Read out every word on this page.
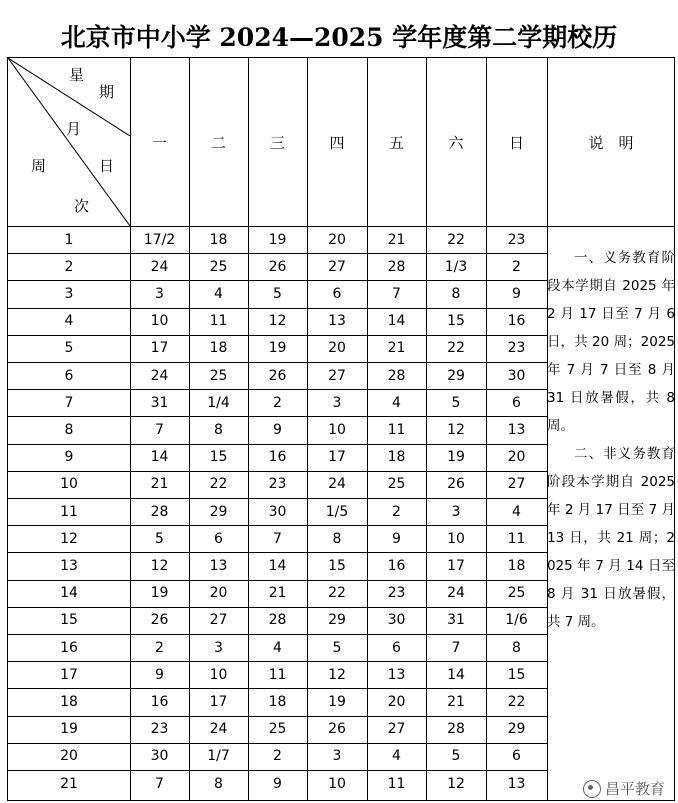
北京市中小学 2024—2025 学年度第二学期校历
星
期
月
日
周
次
一	二	三	四	五	六	日
1	17/2	18	19	20	21	22	23
2	24	25	26	27	28	1/3	2
3	3	4	5	6	7	8	9
4	10	11	12	13	14	15	16
5	17	18	19	20	21	22	23
6	24	25	26	27	28	29	30
7	31	1/4	2	3	4	5	6
8	7	8	9	10	11	12	13
9	14	15	16	17	18	19	20
10	21	22	23	24	25	26	27
11	28	29	30	1/5	2	3	4
12	5	6	7	8	9	10	11
13	12	13	14	15	16	17	18
14	19	20	21	22	23	24	25
15	26	27	28	29	30	31	1/6
16	2	3	4	5	6	7	8
17	9	10	11	12	13	14	15
18	16	17	18	19	20	21	22
19	23	24	25	26	27	28	29
20	30	1/7	2	3	4	5	6
21	7	8	9	10	11	12	13
说　明

一、义务教育阶段本学期自 2025 年 2 月 17 日至 7 月 6 日，共 20 周；2025 年 7 月 7 日至 8 月 31 日放暑假，共 8 周。

二、非义务教育阶段本学期自 2025 年 2 月 17 日至 7 月 13 日，共 21 周；2025 年 7 月 14 日至 8 月 31 日放暑假，共 7 周。

昌平教育
